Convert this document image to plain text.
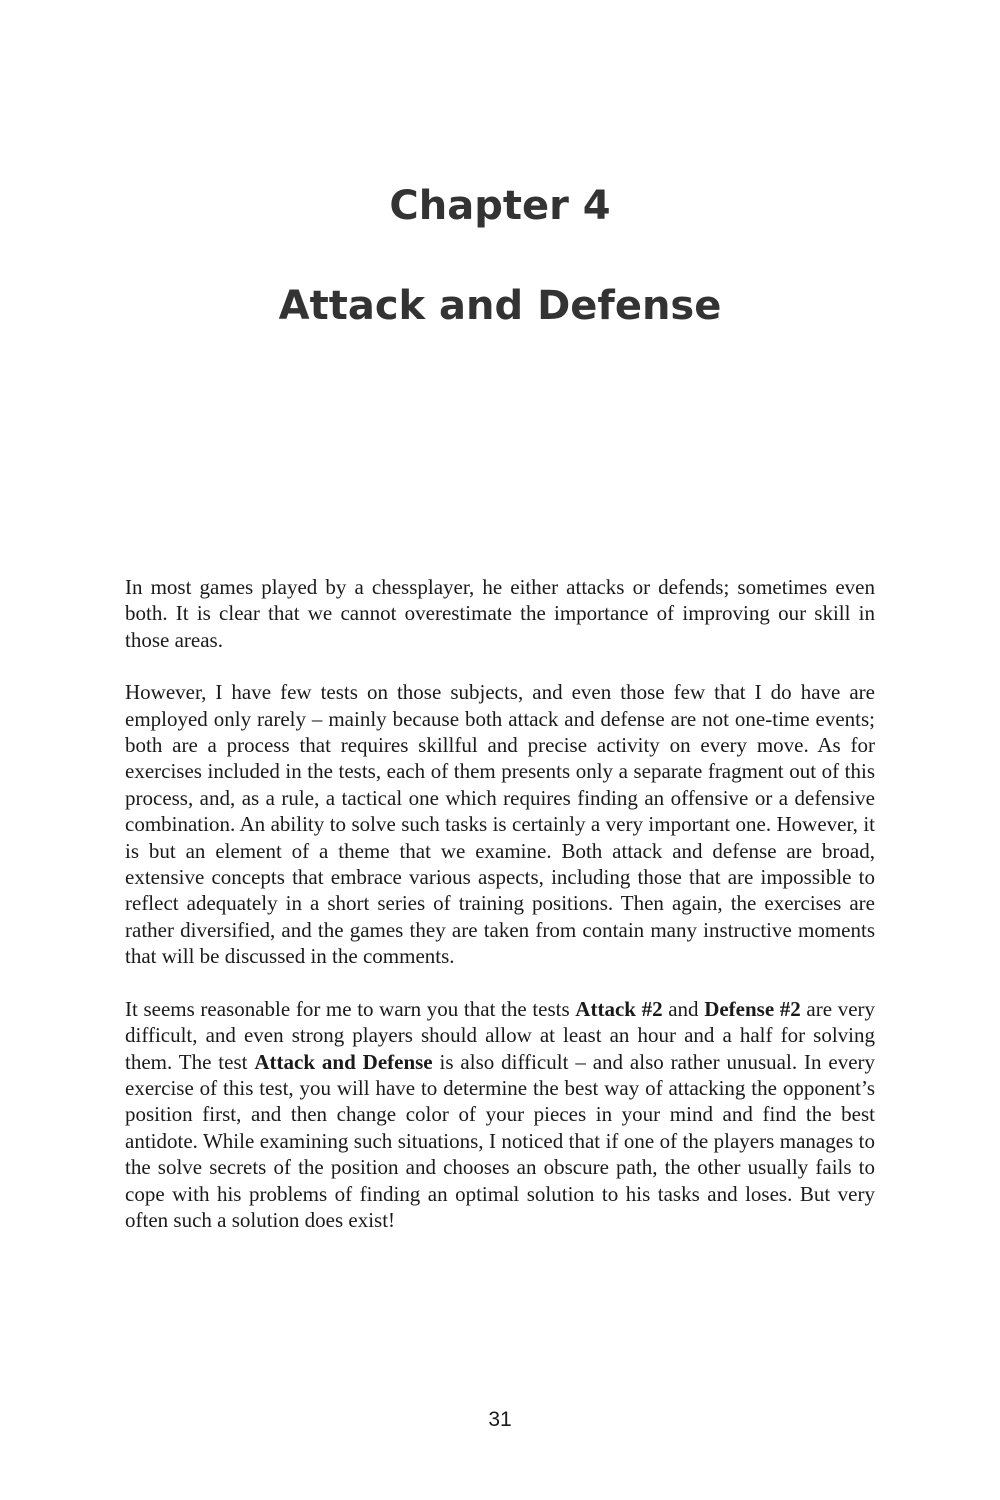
Chapter 4
Attack and Defense

In most games played by a chessplayer, he either attacks or defends; sometimes even both. It is clear that we cannot overestimate the importance of improving our skill in those areas.

However, I have few tests on those subjects, and even those few that I do have are employed only rarely – mainly because both attack and defense are not one-time events; both are a process that requires skillful and precise activity on every move. As for exercises included in the tests, each of them presents only a separate fragment out of this process, and, as a rule, a tactical one which requires finding an offensive or a defensive combination. An ability to solve such tasks is certainly a very important one. However, it is but an element of a theme that we examine. Both attack and defense are broad, extensive concepts that embrace various aspects, including those that are impossible to reflect adequately in a short series of training positions. Then again, the exercises are rather diversified, and the games they are taken from contain many instructive moments that will be discussed in the comments.

It seems reasonable for me to warn you that the tests Attack #2 and Defense #2 are very difficult, and even strong players should allow at least an hour and a half for solving them. The test Attack and Defense is also difficult – and also rather unusual. In every exercise of this test, you will have to determine the best way of attacking the opponent’s position first, and then change color of your pieces in your mind and find the best antidote. While examining such situations, I noticed that if one of the players manages to the solve secrets of the position and chooses an obscure path, the other usually fails to cope with his problems of finding an optimal solution to his tasks and loses. But very often such a solution does exist!

31
